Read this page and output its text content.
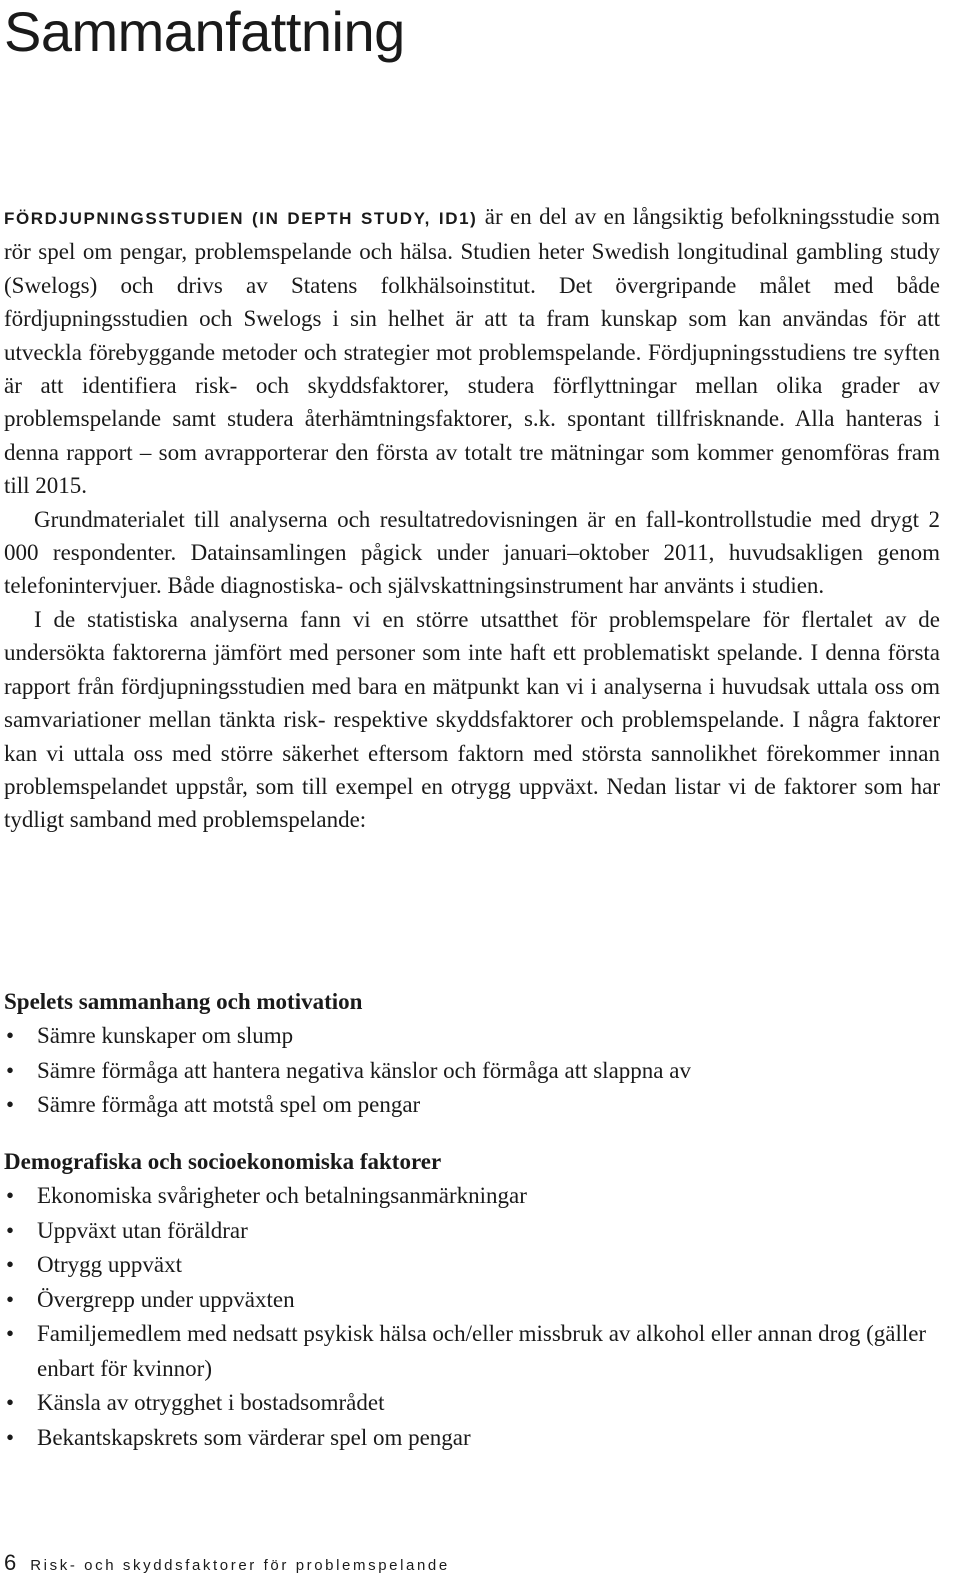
Sammanfattning

FÖRDJUPNINGSSTUDIEN (IN DEPTH STUDY, ID1) är en del av en långsiktig befolkningsstudie som rör spel om pengar, problemspelande och hälsa. Studien heter Swedish longitudinal gambling study (Swelogs) och drivs av Statens folkhälsoinstitut. Det övergripande målet med både fördjupningsstudien och Swelogs i sin helhet är att ta fram kunskap som kan användas för att utveckla förebyggande metoder och strategier mot problemspelande. Fördjupningsstudiens tre syften är att identifiera risk- och skyddsfaktorer, studera förflyttningar mellan olika grader av problemspelande samt studera återhämtningsfaktorer, s.k. spontant tillfrisknande. Alla hanteras i denna rapport – som avrapporterar den första av totalt tre mätningar som kommer genomföras fram till 2015.

Grundmaterialet till analyserna och resultatredovisningen är en fall-kontrollstudie med drygt 2 000 respondenter. Datainsamlingen pågick under januari–oktober 2011, huvudsakligen genom telefonintervjuer. Både diagnostiska- och självskattningsinstrument har använts i studien.

I de statistiska analyserna fann vi en större utsatthet för problemspelare för flertalet av de undersökta faktorerna jämfört med personer som inte haft ett problematiskt spelande. I denna första rapport från fördjupningsstudien med bara en mätpunkt kan vi i analyserna i huvudsak uttala oss om samvariationer mellan tänkta risk- respektive skyddsfaktorer och problemspelande. I några faktorer kan vi uttala oss med större säkerhet eftersom faktorn med största sannolikhet förekommer innan problemspelandet uppstår, som till exempel en otrygg uppväxt. Nedan listar vi de faktorer som har tydligt samband med problemspelande:

Spelets sammanhang och motivation
• Sämre kunskaper om slump
• Sämre förmåga att hantera negativa känslor och förmåga att slappna av
• Sämre förmåga att motstå spel om pengar
Demografiska och socioekonomiska faktorer
• Ekonomiska svårigheter och betalningsanmärkningar
• Uppväxt utan föräldrar
• Otrygg uppväxt
• Övergrepp under uppväxten
• Familjemedlem med nedsatt psykisk hälsa och/eller missbruk av alkohol eller annan drog (gäller enbart för kvinnor)
• Känsla av otrygghet i bostadsområdet
• Bekantskapskrets som värderar spel om pengar
6 Risk- och skyddsfaktorer för problemspelande
